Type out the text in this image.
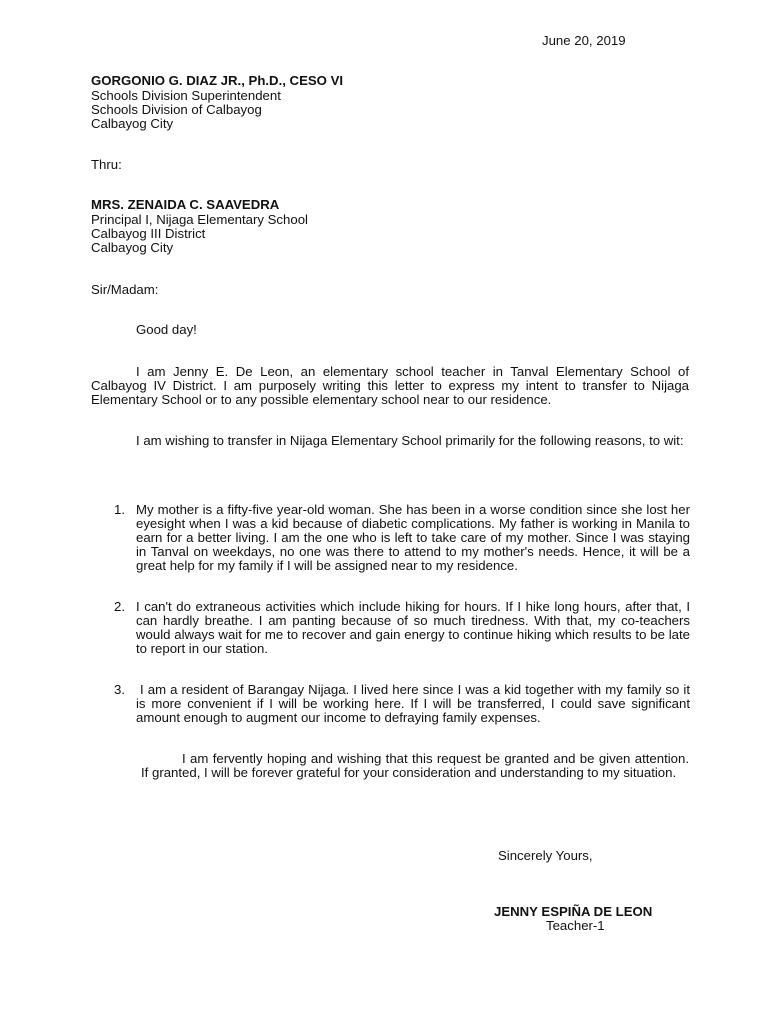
June 20, 2019
GORGONIO G. DIAZ JR., Ph.D., CESO VI
Schools Division Superintendent
Schools Division of Calbayog
Calbayog City
Thru:
MRS. ZENAIDA C. SAAVEDRA
Principal I, Nijaga Elementary School
Calbayog III District
Calbayog City
Sir/Madam:
Good day!

I am Jenny E. De Leon, an elementary school teacher in Tanval Elementary School of Calbayog IV District. I am purposely writing this letter to express my intent to transfer to Nijaga Elementary School or to any possible elementary school near to our residence.

I am wishing to transfer in Nijaga Elementary School primarily for the following reasons, to wit:

1. My mother is a fifty-five year-old woman. She has been in a worse condition since she lost her eyesight when I was a kid because of diabetic complications. My father is working in Manila to earn for a better living. I am the one who is left to take care of my mother. Since I was staying in Tanval on weekdays, no one was there to attend to my mother's needs. Hence, it will be a great help for my family if I will be assigned near to my residence.

2. I can't do extraneous activities which include hiking for hours. If I hike long hours, after that, I can hardly breathe. I am panting because of so much tiredness. With that, my co-teachers would always wait for me to recover and gain energy to continue hiking which results to be late to report in our station.

3.	I am a resident of Barangay Nijaga. I lived here since I was a kid together with my family so it is more convenient if I will be working here. If I will be transferred, I could save significant amount enough to augment our income to defraying family expenses.

I am fervently hoping and wishing that this request be granted and be given attention. If granted, I will be forever grateful for your consideration and understanding to my situation.

Sincerely Yours,
JENNY ESPIÑA DE LEON
Teacher-1
